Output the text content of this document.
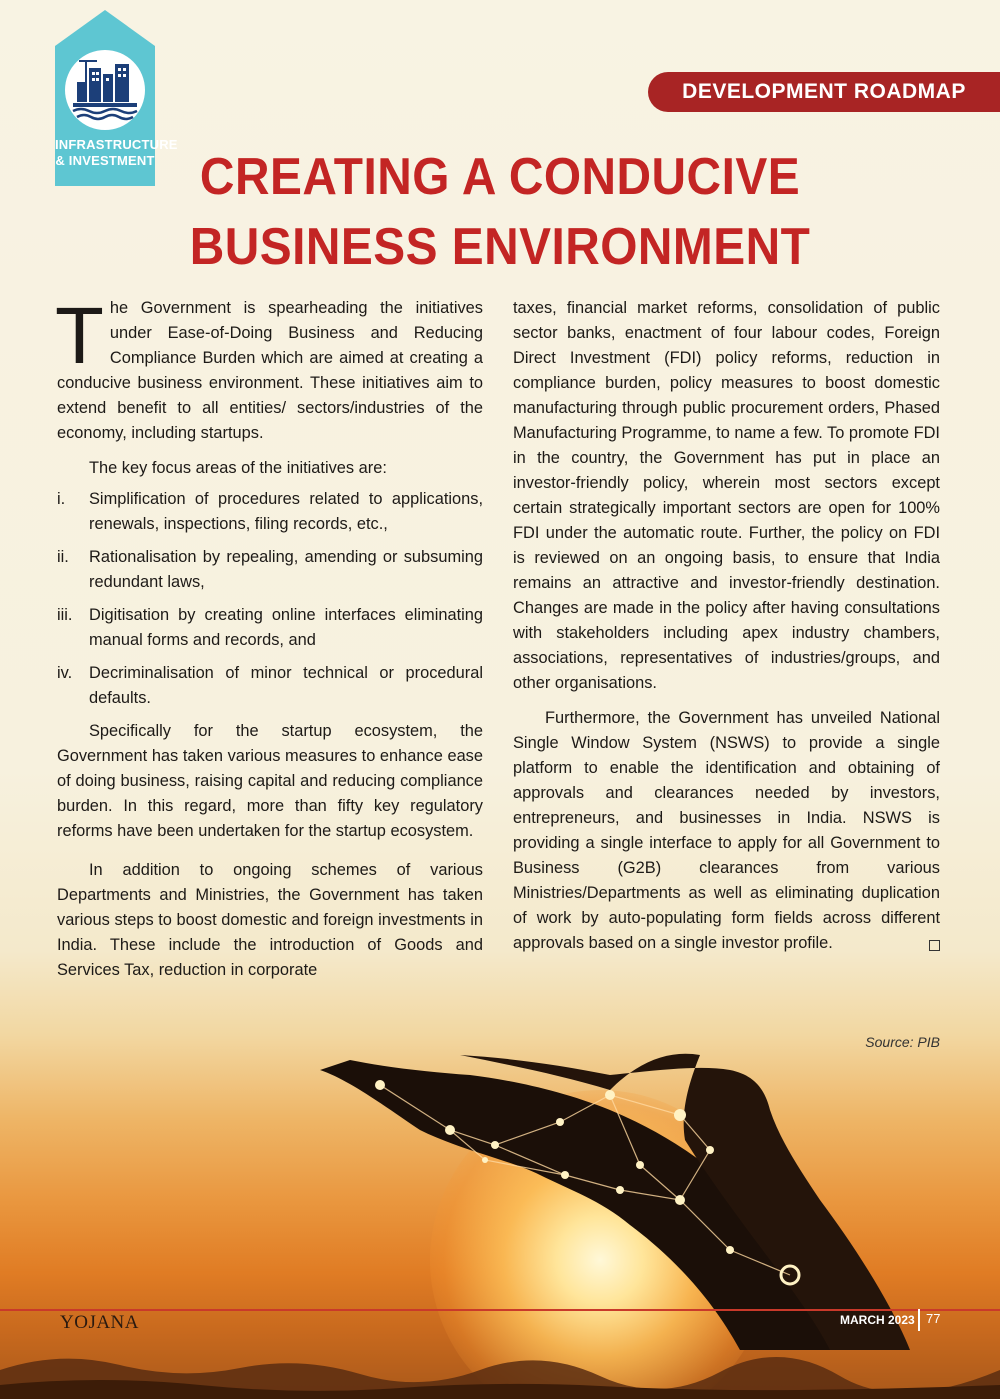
INFRASTRUCTURE
& INVESTMENT
DEVELOPMENT ROADMAP
CREATING A CONDUCIVE
BUSINESS ENVIRONMENT

The Government is spearheading the initiatives under Ease-of-Doing Business and Reducing Compliance Burden which are aimed at creating a conducive business environment. These initiatives aim to extend benefit to all entities/ sectors/industries of the economy, including startups.

The key focus areas of the initiatives are:

i. Simplification of procedures related to applications, renewals, inspections, filing records, etc.,
ii. Rationalisation by repealing, amending or subsuming redundant laws,
iii. Digitisation by creating online interfaces eliminating manual forms and records, and
iv. Decriminalisation of minor technical or procedural defaults.

Specifically for the startup ecosystem, the Government has taken various measures to enhance ease of doing business, raising capital and reducing compliance burden. In this regard, more than fifty key regulatory reforms have been undertaken for the startup ecosystem.

In addition to ongoing schemes of various Departments and Ministries, the Government has taken various steps to boost domestic and foreign investments in India. These include the introduction of Goods and Services Tax, reduction in corporate

taxes, financial market reforms, consolidation of public sector banks, enactment of four labour codes, Foreign Direct Investment (FDI) policy reforms, reduction in compliance burden, policy measures to boost domestic manufacturing through public procurement orders, Phased Manufacturing Programme, to name a few. To promote FDI in the country, the Government has put in place an investor-friendly policy, wherein most sectors except certain strategically important sectors are open for 100% FDI under the automatic route. Further, the policy on FDI is reviewed on an ongoing basis, to ensure that India remains an attractive and investor-friendly destination. Changes are made in the policy after having consultations with stakeholders including apex industry chambers, associations, representatives of industries/groups, and other organisations.

Furthermore, the Government has unveiled National Single Window System (NSWS) to provide a single platform to enable the identification and obtaining of approvals and clearances needed by investors, entrepreneurs, and businesses in India. NSWS is providing a single interface to apply for all Government to Business (G2B) clearances from various Ministries/Departments as well as eliminating duplication of work by auto-populating form fields across different approvals based on a single investor profile.

Source: PIB
YOJANA	MARCH 2023 77
